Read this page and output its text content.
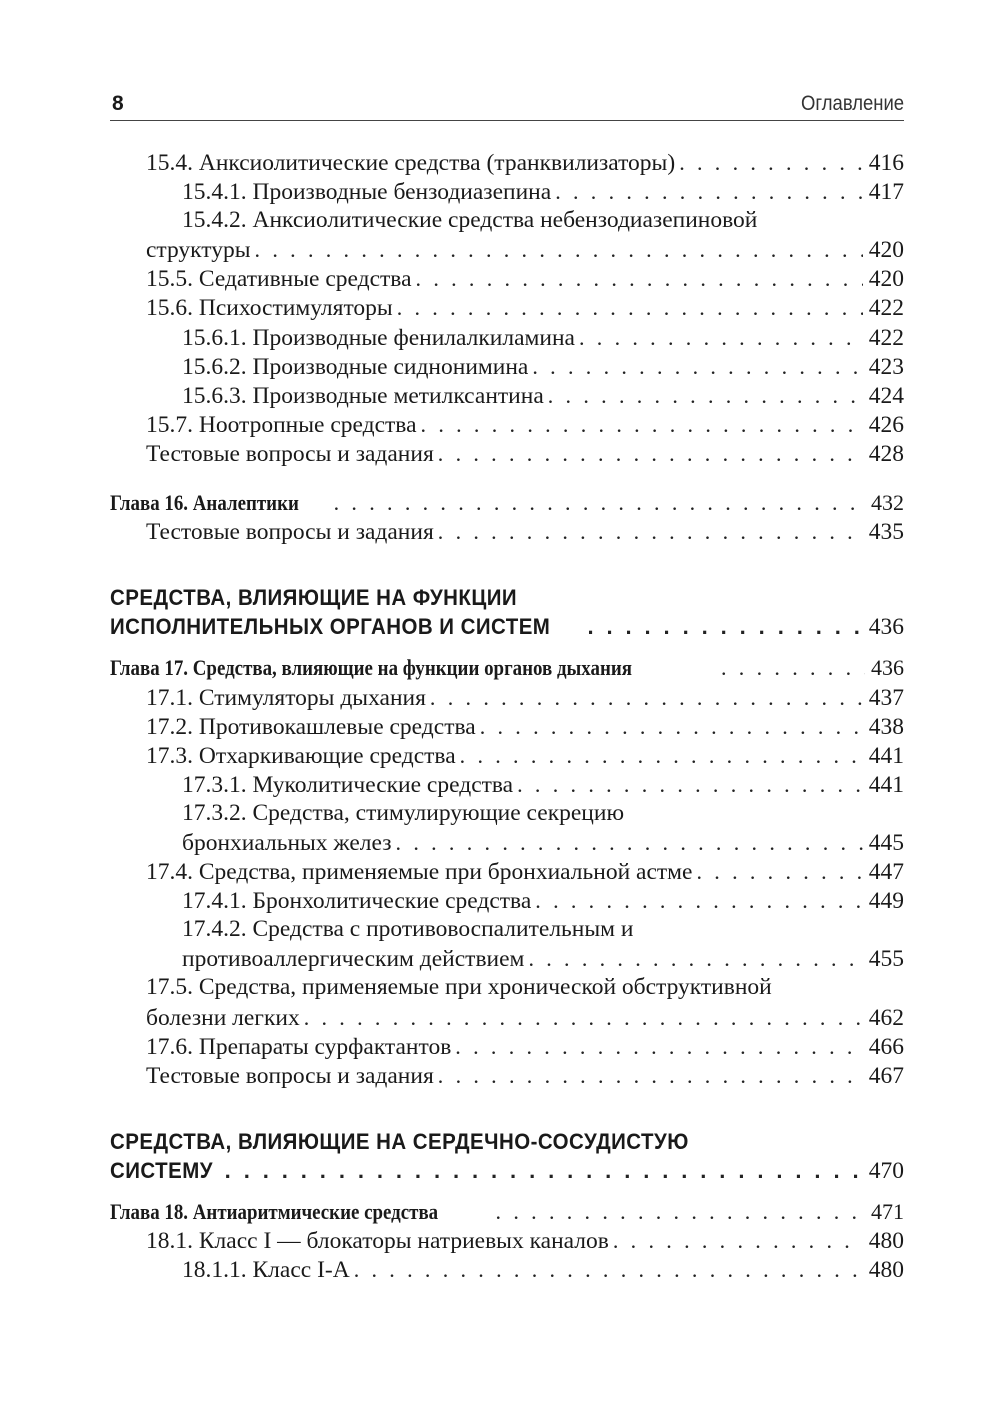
8	Оглавление
15.4. Анксиолитические средства (транквилизаторы) . . .	416
15.4.1. Производные бензодиазепина . . .	417
15.4.2. Анксиолитические средства небензодиазепиновой
структуры . . .	420
15.5. Седативные средства . . .	420
15.6. Психостимуляторы . . .	422
15.6.1. Производные фенилалкиламина . . .	422
15.6.2. Производные сиднонимина . . .	423
15.6.3. Производные метилксантина . . .	424
15.7. Ноотропные средства . . .	426
Тестовые вопросы и задания . . .	428
Глава 16. Аналептики . . .	432
Тестовые вопросы и задания . . .	435
СРЕДСТВА, ВЛИЯЮЩИЕ НА ФУНКЦИИ
ИСПОЛНИТЕЛЬНЫХ ОРГАНОВ И СИСТЕМ . . .	436
Глава 17. Средства, влияющие на функции органов дыхания . . .	436
17.1. Стимуляторы дыхания . . .	437
17.2. Противокашлевые средства . . .	438
17.3. Отхаркивающие средства . . .	441
17.3.1. Муколитические средства . . .	441
17.3.2. Средства, стимулирующие секрецию
бронхиальных желез . . .	445
17.4. Средства, применяемые при бронхиальной астме . . .	447
17.4.1. Бронхолитические средства . . .	449
17.4.2. Средства с противовоспалительным и
противоаллергическим действием . . .	455
17.5. Средства, применяемые при хронической обструктивной
болезни легких . . .	462
17.6. Препараты сурфактантов . . .	466
Тестовые вопросы и задания . . .	467
СРЕДСТВА, ВЛИЯЮЩИЕ НА СЕРДЕЧНО-СОСУДИСТУЮ
СИСТЕМУ . . .	470
Глава 18. Антиаритмические средства . . .	471
18.1. Класс I — блокаторы натриевых каналов . . .	480
18.1.1. Класс I-A . . .	480
